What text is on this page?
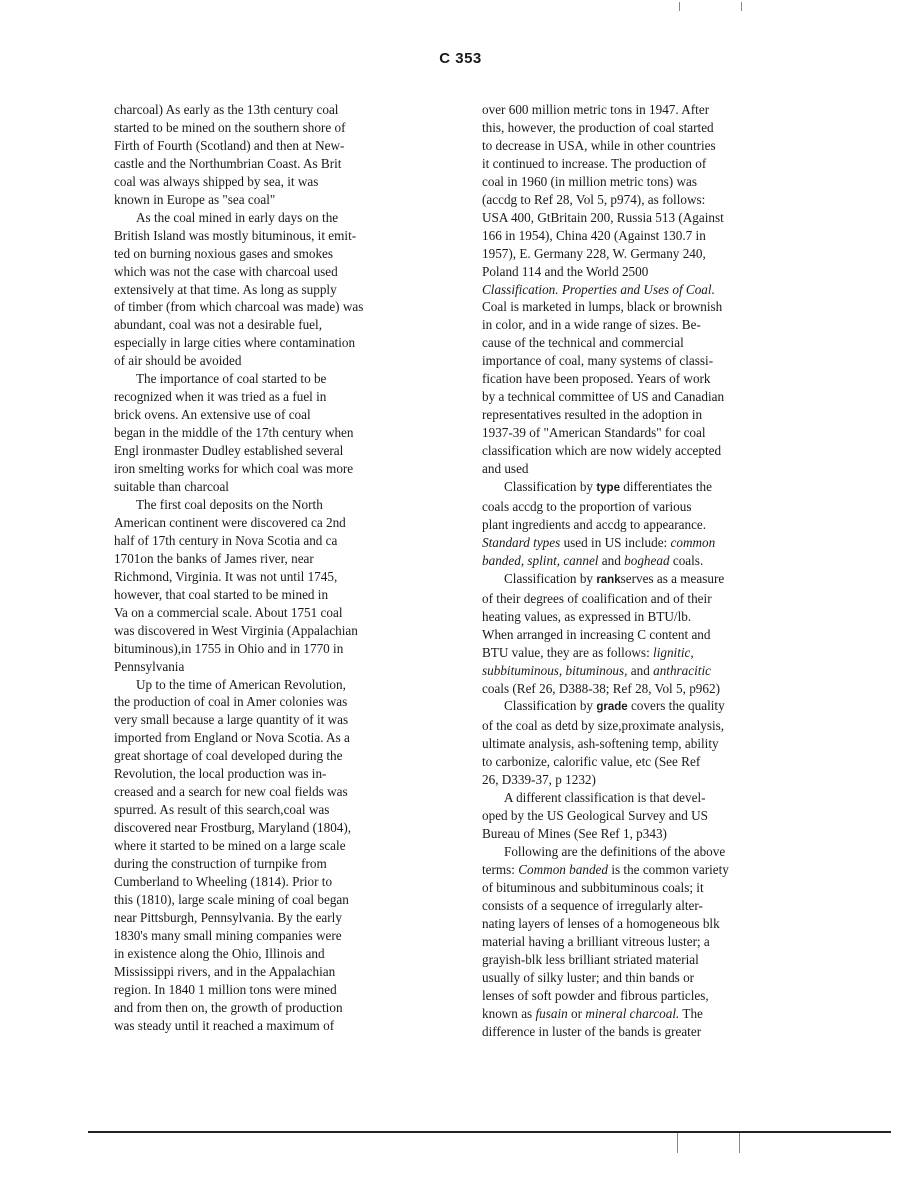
C 353
charcoal) As early as the 13th century coal
started to be mined on the southern shore of
Firth of Fourth (Scotland) and then at New-
castle and the Northumbrian Coast. As Brit
coal was always shipped by sea, it was
known in Europe as "sea coal"
As the coal mined in early days on the
British Island was mostly bituminous, it emit-
ted on burning noxious gases and smokes
which was not the case with charcoal used
extensively at that time. As long as supply
of timber (from which charcoal was made) was
abundant, coal was not a desirable fuel,
especially in large cities where contamination
of air should be avoided
The importance of coal started to be
recognized when it was tried as a fuel in
brick ovens. An extensive use of coal
began in the middle of the 17th century when
Engl ironmaster Dudley established several
iron smelting works for which coal was more
suitable than charcoal
The first coal deposits on the North
American continent were discovered ca 2nd
half of 17th century in Nova Scotia and ca
1701on the banks of James river, near
Richmond, Virginia. It was not until 1745,
however, that coal started to be mined in
Va on a commercial scale. About 1751 coal
was discovered in West Virginia (Appalachian
bituminous),in 1755 in Ohio and in 1770 in
Pennsylvania
Up to the time of American Revolution,
the production of coal in Amer colonies was
very small because a large quantity of it was
imported from England or Nova Scotia. As a
great shortage of coal developed during the
Revolution, the local production was in-
creased and a search for new coal fields was
spurred. As result of this search,coal was
discovered near Frostburg, Maryland (1804),
where it started to be mined on a large scale
during the construction of turnpike from
Cumberland to Wheeling (1814). Prior to
this (1810), large scale mining of coal began
near Pittsburgh, Pennsylvania. By the early
1830's many small mining companies were
in existence along the Ohio, Illinois and
Mississippi rivers, and in the Appalachian
region. In 1840 1 million tons were mined
and from then on, the growth of production
was steady until it reached a maximum of
over 600 million metric tons in 1947. After
this, however, the production of coal started
to decrease in USA, while in other countries
it continued to increase. The production of
coal in 1960 (in million metric tons) was
(accdg to Ref 28, Vol 5, p974), as follows:
USA 400, GtBritain 200, Russia 513 (Against
166 in 1954), China 420 (Against 130.7 in
1957), E. Germany 228, W. Germany 240,
Poland 114 and the World 2500
Classification. Properties and Uses of Coal.
Coal is marketed in lumps, black or brownish
in color, and in a wide range of sizes. Be-
cause of the technical and commercial
importance of coal, many systems of classi-
fication have been proposed. Years of work
by a technical committee of US and Canadian
representatives resulted in the adoption in
1937-39 of "American Standards" for coal
classification which are now widely accepted
and used
Classification by type differentiates the
coals accdg to the proportion of various
plant ingredients and accdg to appearance.
Standard types used in US include: common
banded, splint, cannel and boghead coals.
Classification by rankserves as a measure
of their degrees of coalification and of their
heating values, as expressed in BTU/lb.
When arranged in increasing C content and
BTU value, they are as follows: lignitic,
subbituminous, bituminous, and anthracitic
coals (Ref 26, D388-38; Ref 28, Vol 5, p962)
Classification by grade covers the quality
of the coal as detd by size,proximate analysis,
ultimate analysis, ash-softening temp, ability
to carbonize, calorific value, etc (See Ref
26, D339-37, p 1232)
A different classification is that devel-
oped by the US Geological Survey and US
Bureau of Mines (See Ref 1, p343)
Following are the definitions of the above
terms: Common banded is the common variety
of bituminous and subbituminous coals; it
consists of a sequence of irregularly alter-
nating layers of lenses of a homogeneous blk
material having a brilliant vitreous luster; a
grayish-blk less brilliant striated material
usually of silky luster; and thin bands or
lenses of soft powder and fibrous particles,
known as fusain or mineral charcoal. The
difference in luster of the bands is greater
